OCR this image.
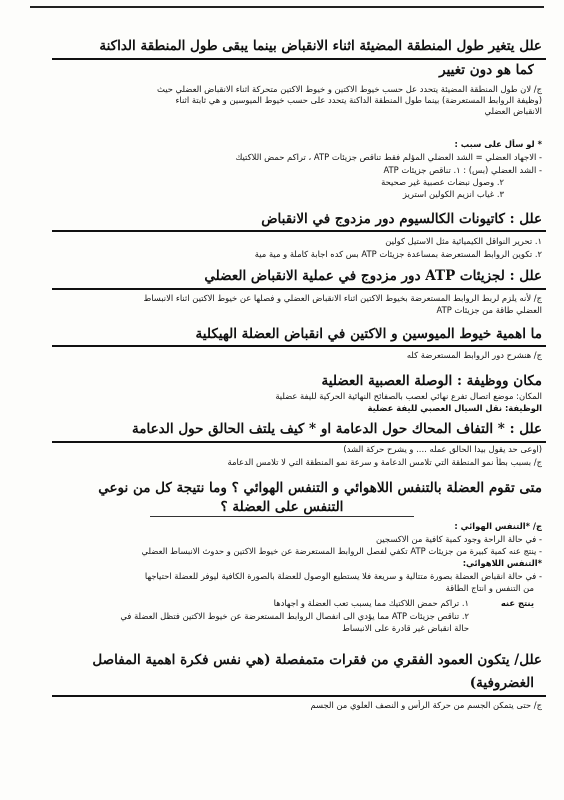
علل يتغير طول المنطقة المضيئة اثناء الانقباض بينما يبقى طول المنطقة الداكنة
كما هو دون تغيير
ج/ لان طول المنطقة المضيئة يتحدد عل حسب خيوط الاكتين و خيوط الاكتين متحركة اثناء الانقباض العضلي حيث
(وظيفة الروابط المستعرضة) بينما طول المنطقة الداكنة يتحدد على حسب خيوط الميوسين و هي ثابتة اثناء
الانقباض العضلي
* لو سأل على سبب :
- الاجهاد العضلي = الشد العضلي المؤلم فقط تناقص جزيئات ATP ، تراكم حمض اللاكتيك
- الشد العضلي (بس) : ١. تناقص جزيئات ATP
٢. وصول نبضات عصبية غير صحيحة
٣. غياب انزيم الكولين استريز
علل : كاتيونات الكالسيوم دور مزدوج في الانقباض
١. تحرير النواقل الكيميائية مثل الاستيل كولين
٢. تكوين الروابط المستعرضة بمساعدة جزيئات ATP بس كده اجابة كاملة و مية مية
علل : لجزيئات ATP دور مزدوج في عملية الانقباض العضلي
ج/ لأنه يلزم لربط الروابط المستعرضة بخيوط الاكتين اثناء الانقباض العضلي و فصلها عن خيوط الاكتين اثناء الانبساط
العضلي طاقة من جزيئات ATP
ما اهمية خيوط الميوسين و الاكتين في انقباض العضلة الهيكلية
ج/ هنشرح دور الروابط المستعرضة كله
مكان ووظيفة : الوصلة العصبية العضلية
المكان: موضع اتصال تفرع نهائي لعصب بالصفائح النهائية الحركية لليفة عضلية
الوظيفة: نقل السيال العصبي لليفة عضلية
علل : * التفاف المحاك حول الدعامة او * كيف يلتف الحالق حول الدعامة
(اوعى حد يقول بيدا الحالق عمله .... و يشرح حركة الشد)
ج/ بسبب بطأ نمو المنطقة التي تلامس الدعامة و سرعة نمو المنطقة التي لا تلامس الدعامة
متى تقوم العضلة بالتنفس اللاهوائي و التنفس الهوائي ؟ وما نتيجة كل من نوعي
التنفس على العضلة ؟
ج/ *التنفس الهوائي :
- في حالة الراحة وجود كمية كافية من الاكسجين
- ينتج عنه كمية كبيرة من جزيئات ATP تكفي لفصل الروابط المستعرضة عن خيوط الاكتين و حدوث الانبساط العضلي
*التنفس اللاهوائي:
- في حالة انقباض العضلة بصورة متتالية و سريعة فلا يستطيع الوصول للعضلة بالصورة الكافية ليوفر للعضلة احتياجها
من التنفس و انتاج الطاقة
ينتج عنه
١. تراكم حمض اللاكتيك مما يسبب تعب العضلة و اجهادها
٢. تناقص جزيئات ATP مما يؤدي الى انفصال الروابط المستعرضة عن خيوط الاكتين فتظل العضلة في
حالة انقباض غير قادرة على الانبساط
علل/ يتكون العمود الفقري من فقرات متمفصلة (هي نفس فكرة اهمية المفاصل
الغضروفية)
ج/ حتى يتمكن الجسم من حركة الرأس و النصف العلوي من الجسم
